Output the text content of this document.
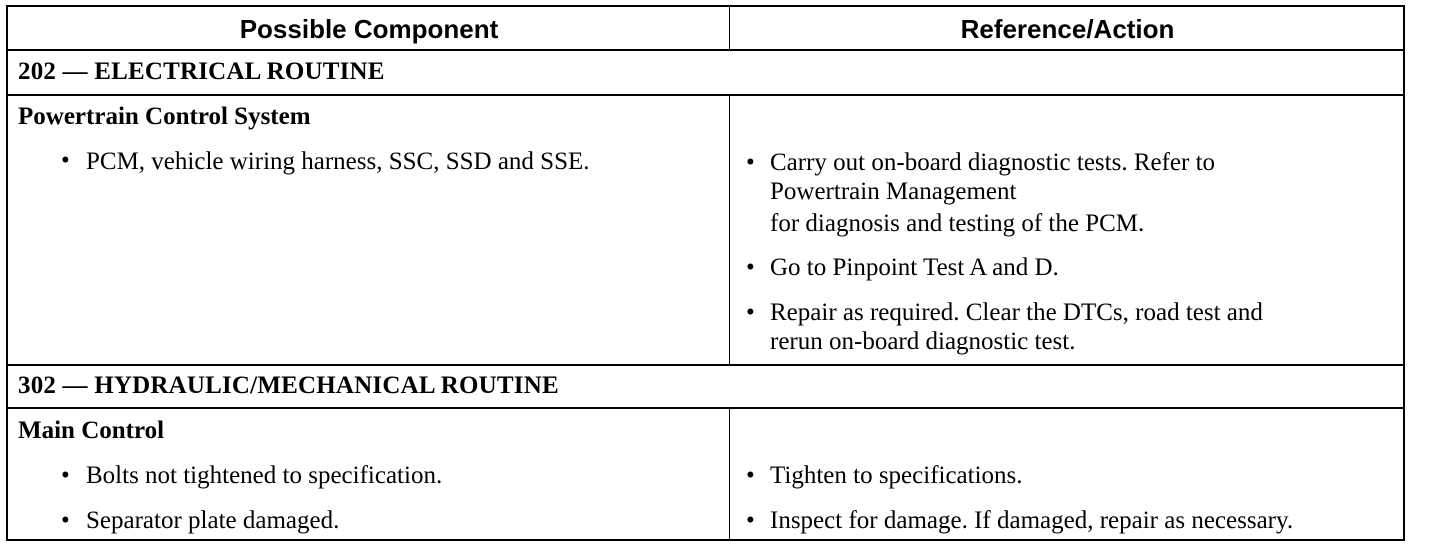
Possible Component	Reference/Action
202 — ELECTRICAL ROUTINE
Powertrain Control System
• PCM, vehicle wiring harness, SSC, SSD and SSE.	• Carry out on-board diagnostic tests. Refer to
Powertrain Management
for diagnosis and testing of the PCM.
• Go to Pinpoint Test A and D.
• Repair as required. Clear the DTCs, road test and
rerun on-board diagnostic test.
302 — HYDRAULIC/MECHANICAL ROUTINE
Main Control
• Bolts not tightened to specification.
• Separator plate damaged.
• Tighten to specifications.
• Inspect for damage. If damaged, repair as necessary.
